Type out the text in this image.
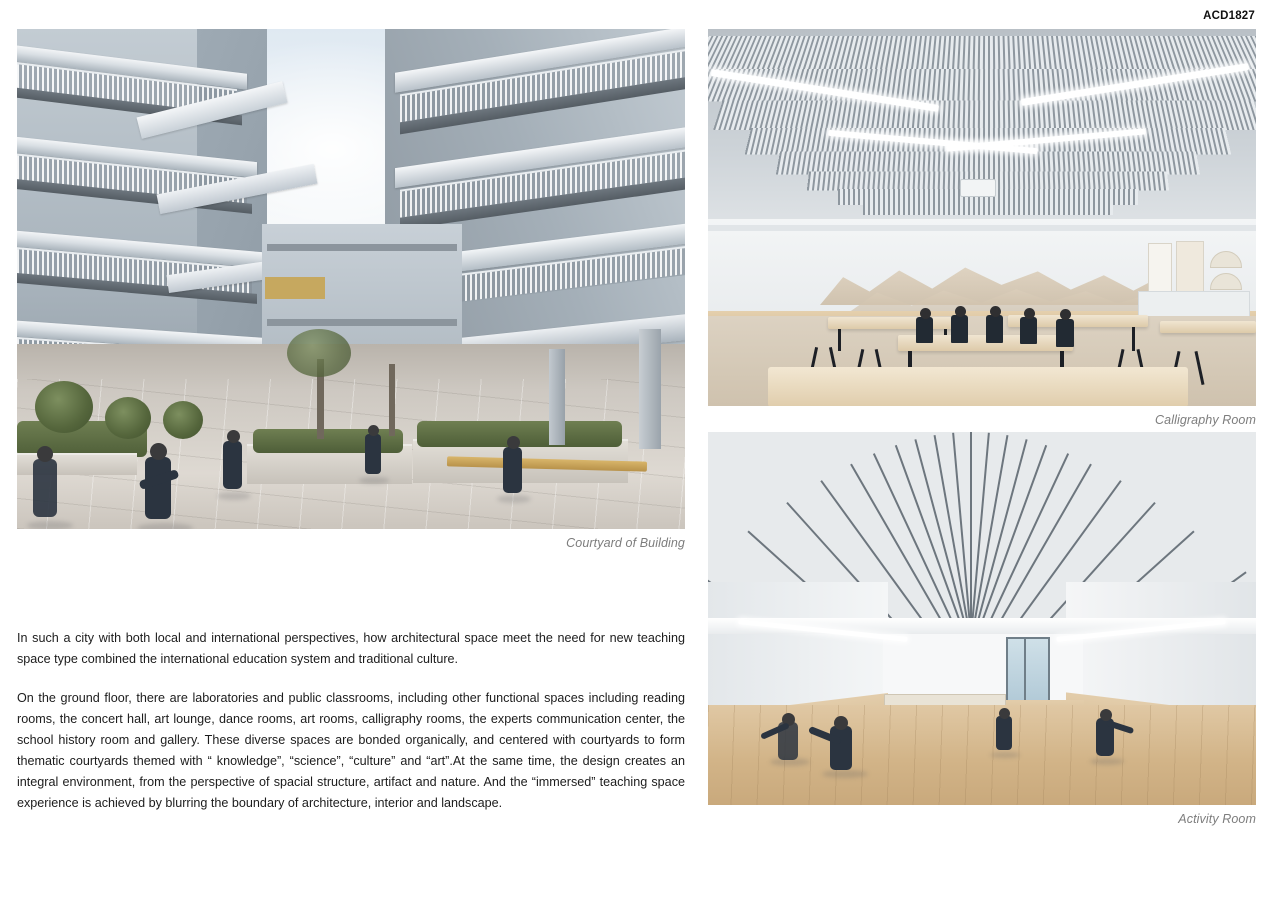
ACD1827
Courtyard of Building

In such a city with both local and international perspectives, how architectural space meet the need for new teaching space type combined the international education system and traditional culture.

On the ground floor, there are laboratories and public classrooms, including other functional spaces including reading rooms, the concert hall, art lounge, dance rooms, art rooms, calligraphy rooms, the experts communication center, the school history room and gallery. These diverse spaces are bonded organically, and centered with courtyards to form thematic courtyards themed with “ knowledge”, “science”, “culture” and “art”.At the same time, the design creates an integral environment, from the perspective of spacial structure, artifact and nature. And the “immersed” teaching space experience is achieved by blurring the boundary of architecture, interior and landscape.

Calligraphy Room
Activity Room
